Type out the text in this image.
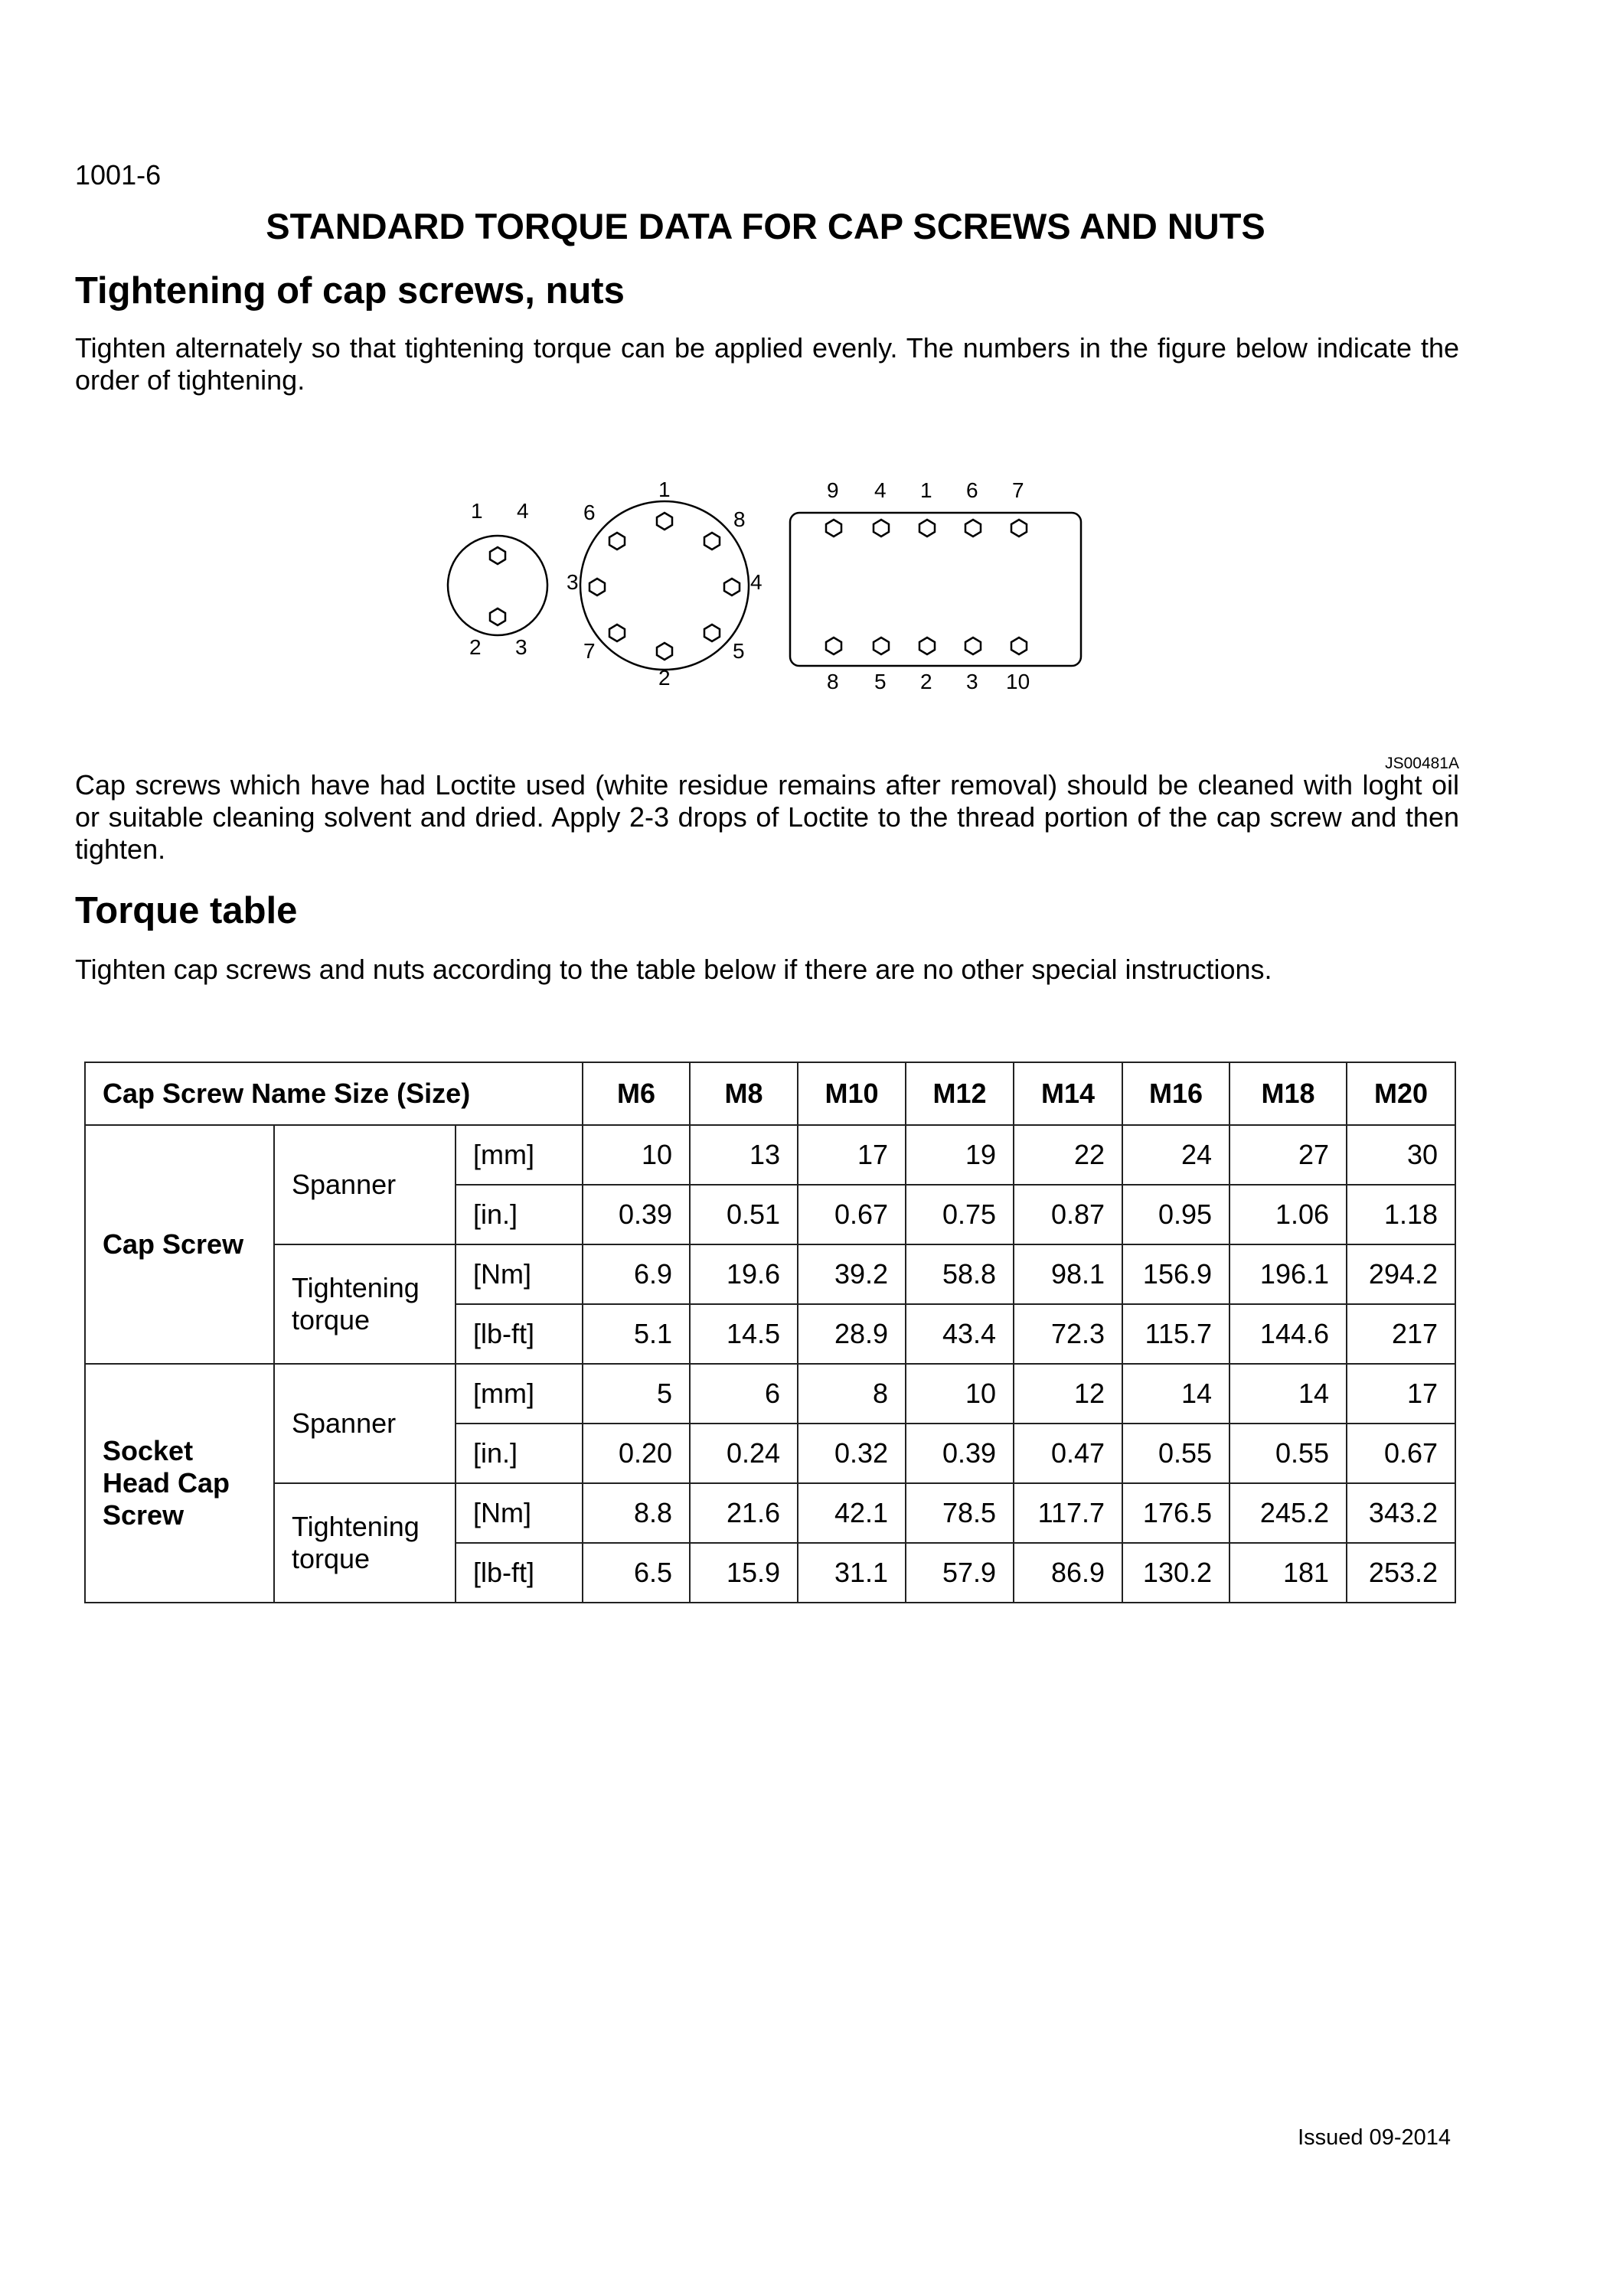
1001-6
STANDARD TORQUE DATA FOR CAP SCREWS AND NUTS
Tightening of cap screws, nuts
Tighten alternately so that tightening torque can be applied evenly. The numbers in the figure below indicate the order of tightening.
1 4
2 3
1
8
4
5
2
7
3
6
9 4 1 6 7
8 5 2 3 10
JS00481A
Cap screws which have had Loctite used (white residue remains after removal) should be cleaned with loght oil or suitable cleaning solvent and dried. Apply 2-3 drops of Loctite to the thread portion of the cap screw and then tighten.
Torque table
Tighten cap screws and nuts according to the table below if there are no other special instructions.
Cap Screw Name Size (Size)			M6	M8	M10	M12	M14	M16	M18	M20
Cap Screw	Spanner	[mm]	10	13	17	19	22	24	27	30
		[in.]	0.39	0.51	0.67	0.75	0.87	0.95	1.06	1.18
	Tightening torque	[Nm]	6.9	19.6	39.2	58.8	98.1	156.9	196.1	294.2
		[lb-ft]	5.1	14.5	28.9	43.4	72.3	115.7	144.6	217
Socket Head Cap Screw	Spanner	[mm]	5	6	8	10	12	14	14	17
		[in.]	0.20	0.24	0.32	0.39	0.47	0.55	0.55	0.67
	Tightening torque	[Nm]	8.8	21.6	42.1	78.5	117.7	176.5	245.2	343.2
		[lb-ft]	6.5	15.9	31.1	57.9	86.9	130.2	181	253.2
Issued 09-2014
